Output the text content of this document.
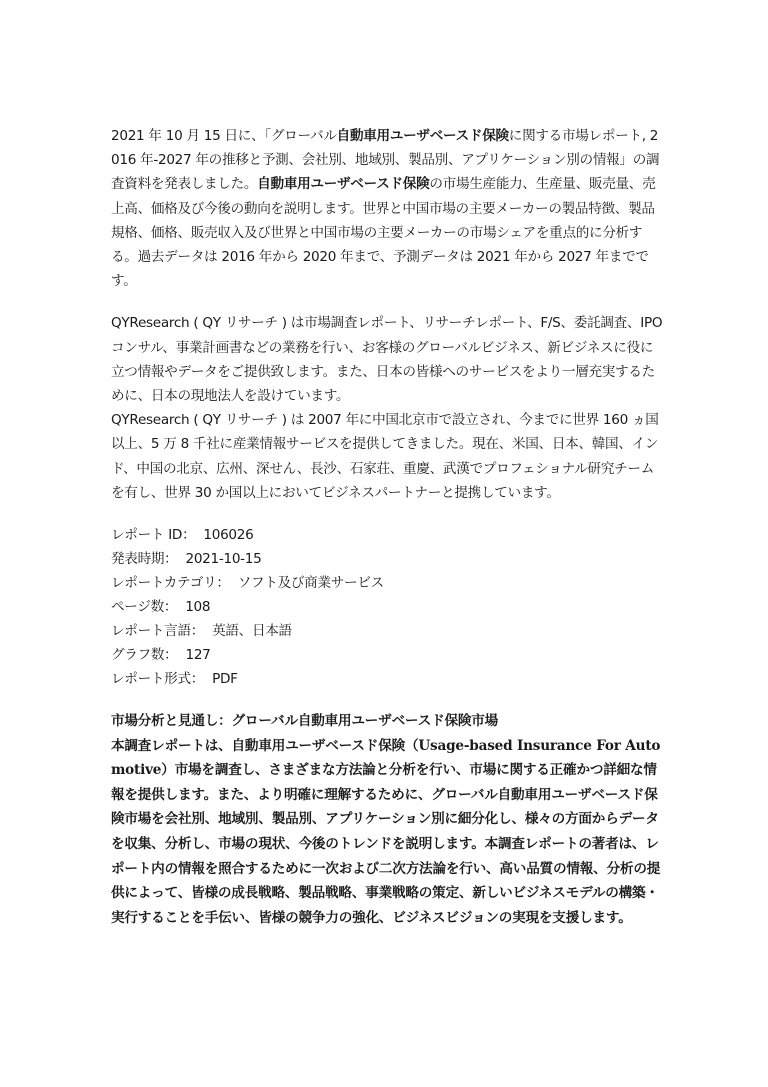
2021 年 10 月 15 日に、「グローバル自動車用ユーザベースド保険に関する市場レポート, 2016 年-2027 年の推移と予測、会社別、地域別、製品別、アプリケーション別の情報」の調査資料を発表しました。自動車用ユーザベースド保険の市場生産能力、生産量、販売量、売上高、価格及び今後の動向を説明します。世界と中国市場の主要メーカーの製品特徴、製品規格、価格、販売収入及び世界と中国市場の主要メーカーの市場シェアを重点的に分析する。過去データは 2016 年から 2020 年まで、予測データは 2021 年から 2027 年までです。

QYResearch ( QY リサーチ ) は市場調査レポート、リサーチレポート、F/S、委託調査、IPO コンサル、事業計画書などの業務を行い、お客様のグローバルビジネス、新ビジネスに役に立つ情報やデータをご提供致します。また、日本の皆様へのサービスをより一層充実するために、日本の現地法人を設けています。

QYResearch ( QY リサーチ ) は 2007 年に中国北京市で設立され、今までに世界 160 ヵ国以上、5 万 8 千社に産業情報サービスを提供してきました。現在、米国、日本、韓国、インド、中国の北京、広州、深せん、長沙、石家荘、重慶、武漢でプロフェショナル研究チームを有し、世界 30 か国以上においてビジネスパートナーと提携しています。

レポート ID： 106026

発表時期： 2021-10-15

レポートカテゴリ： ソフト及び商業サービス

ページ数： 108

レポート言語： 英語、日本語

グラフ数： 127

レポート形式： PDF

市場分析と見通し：グローバル自動車用ユーザベースド保険市場

本調査レポートは、自動車用ユーザベースド保険（Usage-based Insurance For Automotive）市場を調査し、さまざまな方法論と分析を行い、市場に関する正確かつ詳細な情報を提供します。また、より明確に理解するために、グローバル自動車用ユーザベースド保険市場を会社別、地域別、製品別、アプリケーション別に細分化し、様々の方面からデータを収集、分析し、市場の現状、今後のトレンドを説明します。本調査レポートの著者は、レポート内の情報を照合するために一次および二次方法論を行い、高い品質の情報、分析の提供によって、皆様の成長戦略、製品戦略、事業戦略の策定、新しいビジネスモデルの構築・実行することを手伝い、皆様の競争力の強化、ビジネスビジョンの実現を支援します。
